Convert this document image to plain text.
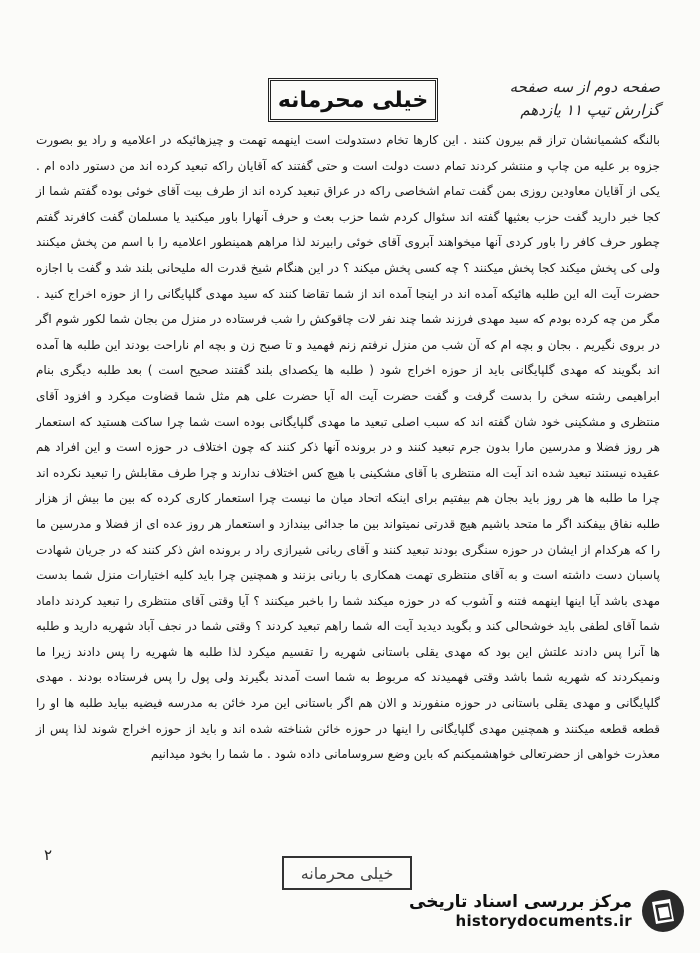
صفحه دوم از سه صفحه
گزارش تیپ ۱۱ یازدهم
خیلی محرمانه

بالنگه کشمیانشان تراز قم بیرون کنند . این کارها تخام دستدولت است اینهمه تهمت و چیزهائیکه در اعلامیه و راد یو بصورت جزوه بر علیه من چاپ و منتشر کردند تمام دست دولت است و حتی گفتند که آقایان راکه تبعید کرده اند من دستور داده ام . یکی از آقایان معاودین روزی بمن گفت تمام اشخاصی راکه در عراق تبعید کرده اند از طرف بیت آقای خوئی بوده گفتم شما از کجا خبر دارید گفت حزب بعثیها گفته اند سئوال کردم شما حزب بعث و حرف آنهارا باور میکنید یا مسلمان گفت کافرند گفتم چطور حرف کافر را باور کردی آنها میخواهند آبروی آقای خوئی رابیرند لذا مراهم همینطور اعلامیه را با اسم من پخش میکنند ولی کی پخش میکند کجا پخش میکنند ؟ چه کسی پخش میکند ؟ در این هنگام شیخ قدرت اله ملیحانی بلند شد و گفت با اجازه حضرت آیت اله این طلبه هائیکه آمده اند در اینجا آمده اند از شما تقاضا کنند که سید مهدی گلپایگانی را از حوزه اخراج کنید . مگر من چه کرده بودم که سید مهدی فرزند شما چند نفر لات چاقوکش را شب فرستاده در منزل من بجان شما لکور شوم اگر در بروی نگیریم . بجان و بچه ام که آن شب من منزل نرفتم زنم فهمید و تا صبح زن و بچه ام ناراحت بودند این طلبه ها آمده اند بگویند که مهدی گلپایگانی باید از حوزه اخراج شود ( طلبه ها یکصدای بلند گفتند صحیح است ) بعد طلبه دیگری بنام ابراهیمی رشته سخن را بدست گرفت و گفت حضرت آیت اله آیا حضرت علی هم مثل شما قضاوت میکرد و افزود آقای منتظری و مشکینی خود شان گفته اند که سبب اصلی تبعید ما مهدی گلپایگانی بوده است شما چرا ساکت هستید که استعمار هر روز فضلا و مدرسین مارا بدون جرم تبعید کنند و در برونده آنها ذکر کنند که چون اختلاف در حوزه است و این افراد هم عقیده نیستند تبعید شده اند آیت اله منتظری با آقای مشکینی با هیچ کس اختلاف ندارند و چرا طرف مقابلش را تبعید نکرده اند چرا ما طلبه ها هر روز باید بجان هم بیفتیم برای اینکه اتحاد میان ما نیست چرا استعمار کاری کرده که بین ما بیش از هزار طلبه نفاق بیفکند اگر ما متحد باشیم هیچ قدرتی نمیتواند بین ما جدائی بیندازد و استعمار هر روز عده ای از فضلا و مدرسین ما را که هرکدام از ایشان در حوزه سنگری بودند تبعید کنند و آقای ربانی شیرازی راد ر برونده اش ذکر کنند که در جریان شهادت پاسبان دست داشته است و به آقای منتظری تهمت همکاری با ربانی بزنند و همچنین چرا باید کلیه اختیارات منزل شما بدست مهدی باشد آیا اینها اینهمه فتنه و آشوب که در حوزه میکند شما را باخبر میکنند ؟ آیا وقتی آقای منتظری را تبعید کردند داماد شما آقای لطفی باید خوشحالی کند و بگوید دیدید آیت اله شما راهم تبعید کردند ؟ وقتی شما در نجف آباد شهریه دارید و طلبه ها آنرا پس دادند علتش این بود که مهدی یقلی باستانی شهریه را تقسیم میکرد لذا طلبه ها شهریه را پس دادند زیرا ما ونمیکردند که شهریه شما باشد وقتی فهمیدند که مربوط به شما است آمدند بگیرند ولی پول را پس فرستاده بودند . مهدی گلپایگانی و مهدی یقلی باستانی در حوزه منفورند و الان هم اگر باستانی این مرد خائن به مدرسه فیضیه بیاید طلبه ها او را قطعه قطعه میکنند و همچنین مهدی گلپایگانی را اینها در حوزه خائن شناخته شده اند و باید از حوزه اخراج شوند لذا پس از معذرت خواهی از حضرتعالی خواهشمیکنم که باین وضع سروسامانی داده شود . ما شما را بخود میدانیم

۲
خیلی محرمانه
مرکز بررسی اسناد تاریخی
historydocuments.ir
